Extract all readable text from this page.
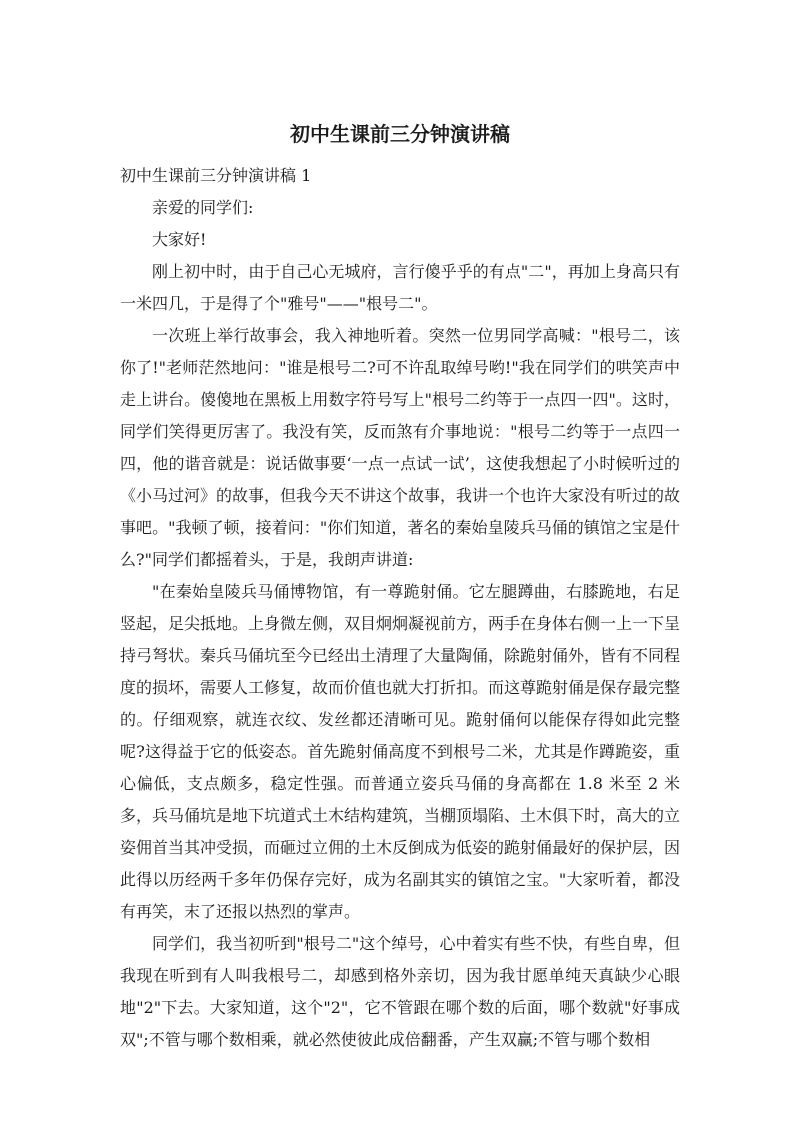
初中生课前三分钟演讲稿

初中生课前三分钟演讲稿 1

亲爱的同学们:

大家好!

刚上初中时，由于自己心无城府，言行傻乎乎的有点"二"，再加上身高只有一米四几，于是得了个"雅号"——"根号二"。

一次班上举行故事会，我入神地听着。突然一位男同学高喊："根号二，该你了!"老师茫然地问："谁是根号二?可不许乱取绰号哟!"我在同学们的哄笑声中走上讲台。傻傻地在黑板上用数字符号写上"根号二约等于一点四一四"。这时，同学们笑得更厉害了。我没有笑，反而煞有介事地说："根号二约等于一点四一四，他的谐音就是：说话做事要‘一点一点试一试’，这使我想起了小时候听过的《小马过河》的故事，但我今天不讲这个故事，我讲一个也许大家没有听过的故事吧。"我顿了顿，接着问："你们知道，著名的秦始皇陵兵马俑的镇馆之宝是什么?"同学们都摇着头，于是，我朗声讲道:

"在秦始皇陵兵马俑博物馆，有一尊跪射俑。它左腿蹲曲，右膝跪地，右足竖起，足尖抵地。上身微左侧，双目炯炯凝视前方，两手在身体右侧一上一下呈持弓弩状。秦兵马俑坑至今已经出土清理了大量陶俑，除跪射俑外，皆有不同程度的损坏，需要人工修复，故而价值也就大打折扣。而这尊跪射俑是保存最完整的。仔细观察，就连衣纹、发丝都还清晰可见。跪射俑何以能保存得如此完整呢?这得益于它的低姿态。首先跪射俑高度不到根号二米，尤其是作蹲跪姿，重心偏低，支点颇多，稳定性强。而普通立姿兵马俑的身高都在 1.8 米至 2 米多，兵马俑坑是地下坑道式土木结构建筑，当棚顶塌陷、土木俱下时，高大的立姿佣首当其冲受损，而砸过立佣的土木反倒成为低姿的跪射俑最好的保护层，因此得以历经两千多年仍保存完好，成为名副其实的镇馆之宝。"大家听着，都没有再笑，末了还报以热烈的掌声。

同学们，我当初听到"根号二"这个绰号，心中着实有些不快，有些自卑，但我现在听到有人叫我根号二，却感到格外亲切，因为我甘愿单纯天真缺少心眼地"2"下去。大家知道，这个"2"，它不管跟在哪个数的后面，哪个数就"好事成双";不管与哪个数相乘，就必然使彼此成倍翻番，产生双赢;不管与哪个数相
